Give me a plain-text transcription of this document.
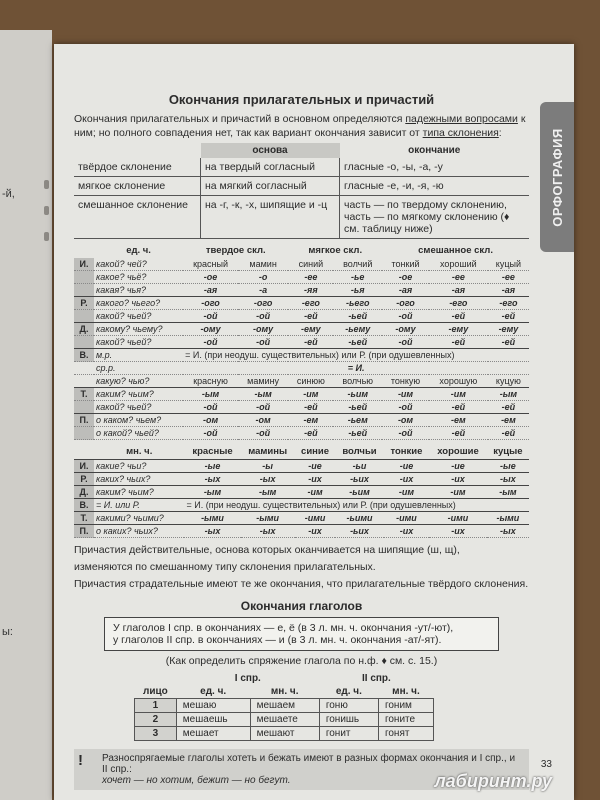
-й,
ы:
ОРФОГРАФИЯ
Окончания прилагательных и причастий

Окончания прилагательных и причастий в основном определяются падежными вопросами к ним; но полного совпадения нет, так как вариант окончания зависит от типа склонения:

	основа	окончание
твёрдое склонение	на твердый согласный	гласные -о, -ы, -а, -у
мягкое склонение	на мягкий согласный	гласные -е, -и, -я, -ю
смешанное склонение	на -г, -к, -х, шипящие и -ц	часть — по твердому склонению, часть — по мягкому склонению (♦ см. таблицу ниже)
	ед. ч.	твердое скл.		мягкое скл.		смешанное скл.		
И.	какой? чей?	красный	мамин	синий	волчий	тонкий	хороший	куцый
	какое? чьё?	-ое	-о	-ее	-ье	-ое	-ее	-ее
	какая? чья?	-ая	-а	-яя	-ья	-ая	-ая	-ая
Р.	какого? чьего?	-ого	-ого	-его	-ьего	-ого	-его	-его
	какой? чьей?	-ой	-ой	-ей	-ьей	-ой	-ей	-ей
Д.	какому? чьему?	-ому	-ому	-ему	-ьему	-ому	-ему	-ему
	какой? чьей?	-ой	-ой	-ей	-ьей	-ой	-ей	-ей
В.	м.р.	= И. (при неодуш. существительных) или Р. (при одушевленных)						
	ср.р.	= И.						
	какую? чью?	красную	мамину	синюю	волчью	тонкую	хорошую	куцую
Т.	каким? чьим?	-ым	-ым	-им	-ьим	-им	-им	-ым
	какой? чьей?	-ой	-ой	-ей	-ьей	-ой	-ей	-ей
П.	о каком? чьем?	-ом	-ом	-ем	-ьем	-ом	-ем	-ем
	о какой? чьей?	-ой	-ой	-ей	-ьей	-ой	-ей	-ей
	мн. ч.	красные	мамины	синие	волчьи	тонкие	хорошие	куцые
И.	какие? чьи?	-ые	-ы	-ие	-ьи	-ие	-ие	-ые
Р.	каких? чьих?	-ых	-ых	-их	-ьих	-их	-их	-ых
Д.	каким? чьим?	-ым	-ым	-им	-ьим	-им	-им	-ым
В.	= И. или Р.	= И. (при неодуш. существительных) или Р. (при одушевленных)						
Т.	какими? чьими?	-ыми	-ыми	-ими	-ьими	-ими	-ими	-ыми
П.	о каких? чьих?	-ых	-ых	-их	-ьих	-их	-их	-ых

Причастия действительные, основа которых оканчивается на шипящие (ш, щ),

изменяются по смешанному типу склонения прилагательных.

Причастия страдательные имеют те же окончания, что прилагательные твёрдого склонения.

Окончания глаголов
У глаголов I спр. в окончаниях — е, ё (в 3 л. мн. ч. окончания -ут/-ют),
у глаголов II спр. в окончаниях — и (в 3 л. мн. ч. окончания -ат/-ят).

(Как определить спряжение глагола по н.ф. ♦ см. с. 15.)

	I спр.		II спр.	
лицо	ед. ч.	мн. ч.	ед. ч.	мн. ч.
1	мешаю	мешаем	гоню	гоним
2	мешаешь	мешаете	гонишь	гоните
3	мешает	мешают	гонит	гонят
! Разноспрягаемые глаголы хотеть и бежать имеют в разных формах окончания и I спр., и II спр.:
хочет — но хотим, бежит — но бегут.
33
лабиринт.ру
